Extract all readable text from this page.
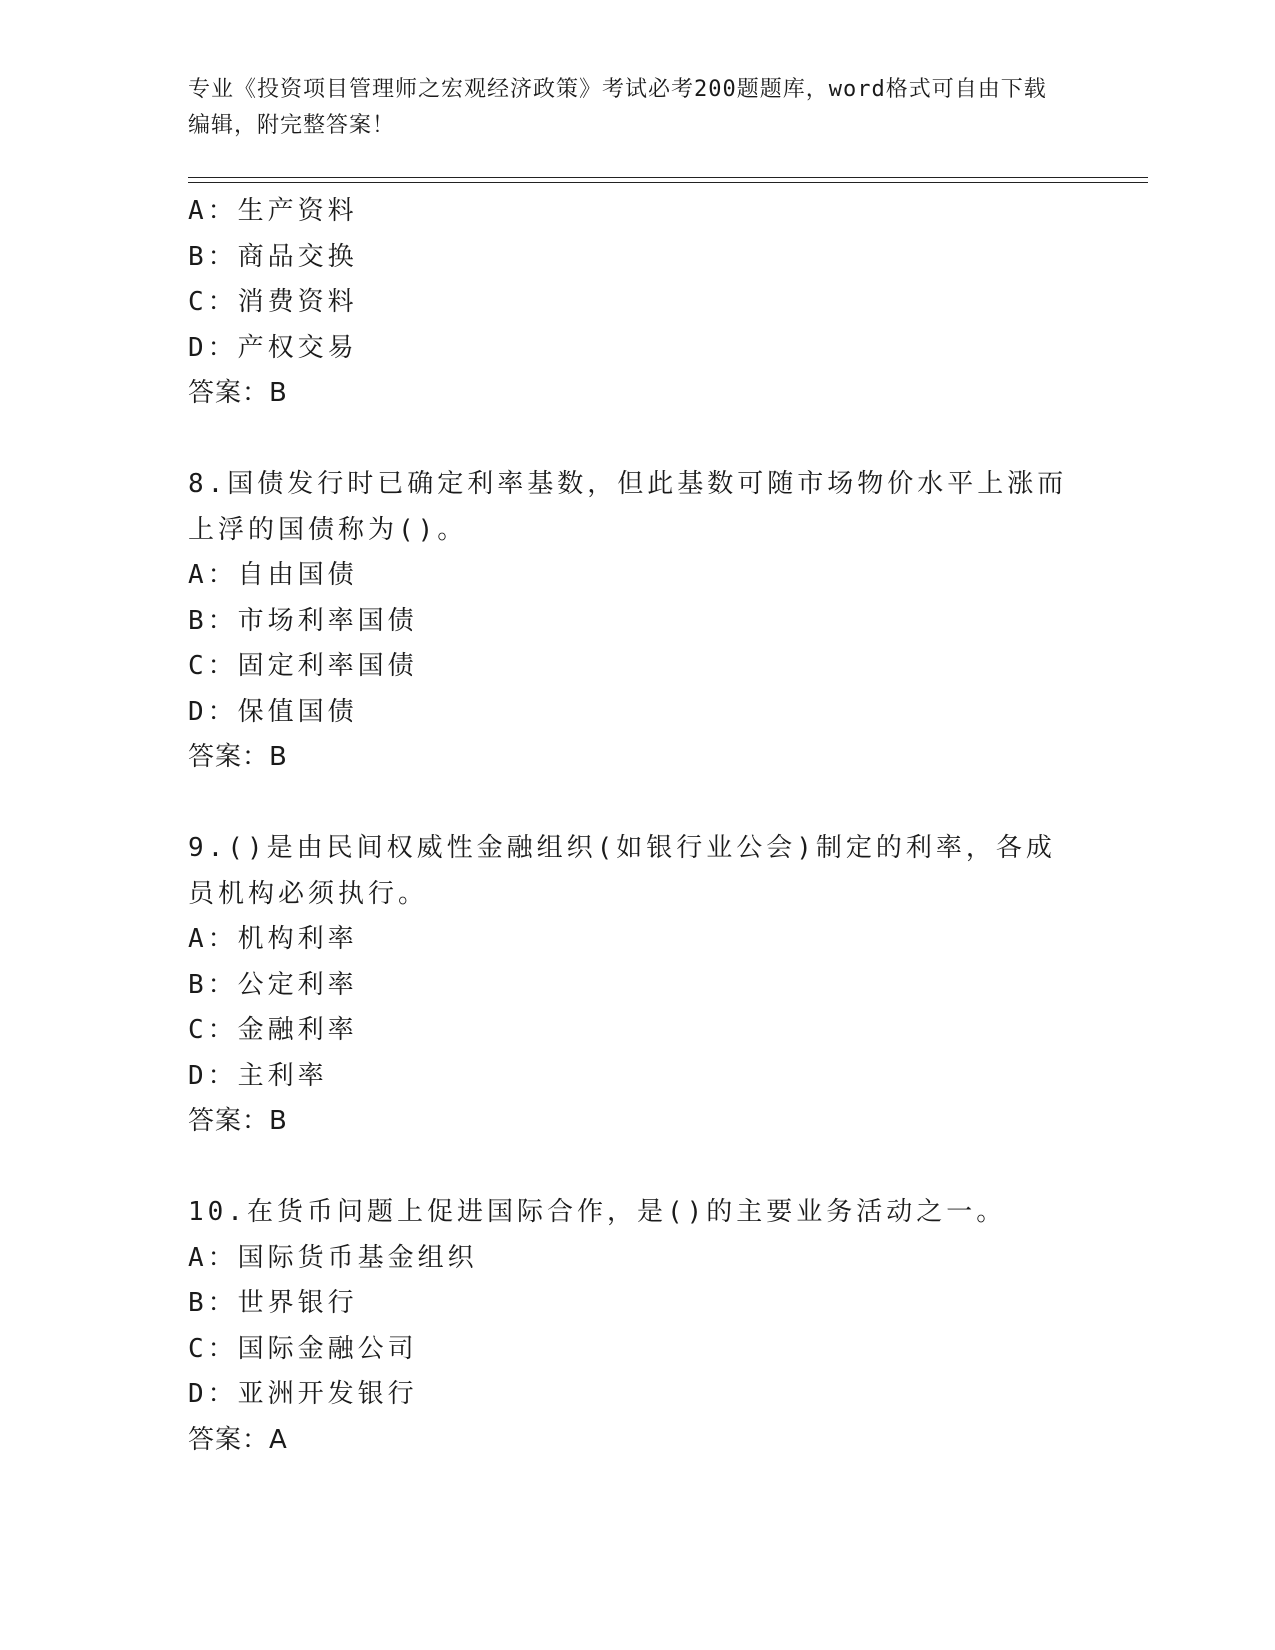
专业《投资项目管理师之宏观经济政策》考试必考200题题库，word格式可自由下载编辑，附完整答案！
A：生产资料
B：商品交换
C：消费资料
D：产权交易
答案：B
8.国债发行时已确定利率基数，但此基数可随市场物价水平上涨而上浮的国债称为()。
A：自由国债
B：市场利率国债
C：固定利率国债
D：保值国债
答案：B
9.()是由民间权威性金融组织(如银行业公会)制定的利率，各成员机构必须执行。
A：机构利率
B：公定利率
C：金融利率
D：主利率
答案：B
10.在货币问题上促进国际合作，是()的主要业务活动之一。
A：国际货币基金组织
B：世界银行
C：国际金融公司
D：亚洲开发银行
答案：A
